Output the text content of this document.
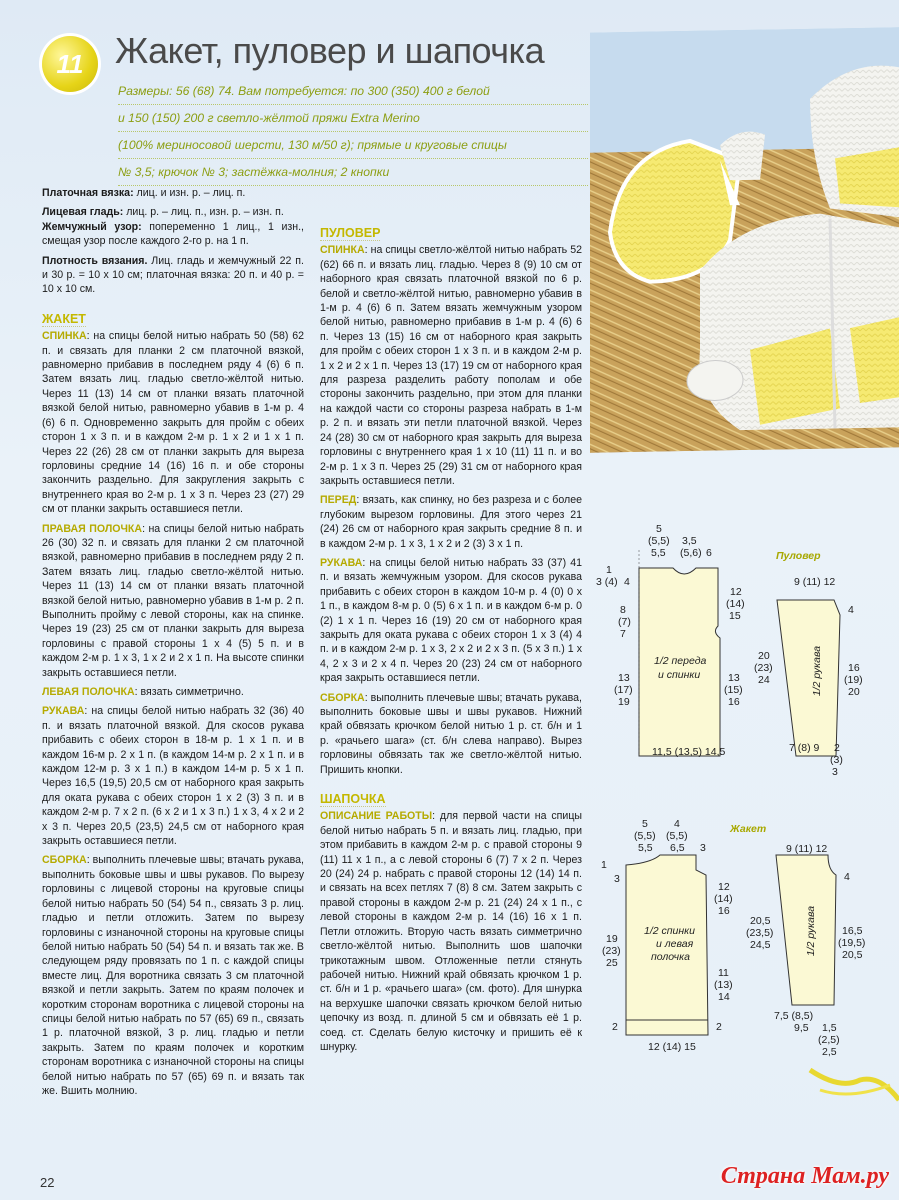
11 Жакет, пуловер и шапочка
Размеры: 56 (68) 74. Вам потребуется: по 300 (350) 400 г белой
и 150 (150) 200 г светло-жёлтой пряжи Extra Merino
(100% мериносовой шерсти, 130 м/50 г); прямые и круговые спицы
№ 3,5; крючок № 3; застёжка-молния; 2 кнопки

Платочная вязка: лиц. и изн. р. – лиц. п.

Лицевая гладь: лиц. р. – лиц. п., изн. р. – изн. п.

Жемчужный узор: попеременно 1 лиц., 1 изн., смещая узор после каждого 2-го р. на 1 п.

Плотность вязания. Лиц. гладь и жемчужный 22 п. и 30 р. = 10 x 10 см; платочная вязка: 20 п. и 40 р. = 10 x 10 см.

ЖАКЕТ

СПИНКА: на спицы белой нитью набрать 50 (58) 62 п. и связать для планки 2 см платочной вязкой, равномерно прибавив в последнем ряду 4 (6) 6 п. Затем вязать лиц. гладью светло-жёлтой нитью. Через 11 (13) 14 см от планки вязать платочной вязкой белой нитью, равномерно убавив в 1-м р. 4 (6) 6 п. Одновременно закрыть для пройм с обеих сторон 1 x 3 п. и в каждом 2-м р. 1 x 2 и 1 x 1 п. Через 22 (26) 28 см от планки закрыть для выреза горловины средние 14 (16) 16 п. и обе стороны закончить раздельно. Для закругления закрыть с внутреннего края во 2-м р. 1 x 3 п. Через 23 (27) 29 см от планки закрыть оставшиеся петли.

ПРАВАЯ ПОЛОЧКА: на спицы белой нитью набрать 26 (30) 32 п. и связать для планки 2 см платочной вязкой, равномерно прибавив в последнем ряду 2 п. Затем вязать лиц. гладью светло-жёлтой нитью. Через 11 (13) 14 см от планки вязать платочной вязкой белой нитью, равномерно убавив в 1-м р. 2 п. Выполнить пройму с левой стороны, как на спинке. Через 19 (23) 25 см от планки закрыть для выреза горловины с правой стороны 1 x 4 (5) 5 п. и в каждом 2-м р. 1 x 3, 1 x 2 и 2 x 1 п. На высоте спинки закрыть оставшиеся петли.

ЛЕВАЯ ПОЛОЧКА: вязать симметрично.

РУКАВА: на спицы белой нитью набрать 32 (36) 40 п. и вязать платочной вязкой. Для скосов рукава прибавить с обеих сторон в 18-м р. 1 x 1 п. и в каждом 16-м р. 2 x 1 п. (в каждом 14-м р. 2 x 1 п. и в каждом 12-м р. 3 x 1 п.) в каждом 14-м р. 5 x 1 п. Через 16,5 (19,5) 20,5 см от наборного края закрыть для оката рукава с обеих сторон 1 x 2 (3) 3 п. и в каждом 2-м р. 7 x 2 п. (6 x 2 и 1 x 3 п.) 1 x 3, 4 x 2 и 2 x 3 п. Через 20,5 (23,5) 24,5 см от наборного края закрыть оставшиеся петли.

СБОРКА: выполнить плечевые швы; втачать рукава, выполнить боковые швы и швы рукавов. По вырезу горловины с лицевой стороны на круговые спицы белой нитью набрать 50 (54) 54 п., связать 3 р. лиц. гладью и петли отложить. Затем по вырезу горловины с изнаночной стороны на круговые спицы белой нитью набрать 50 (54) 54 п. и вязать так же. В следующем ряду провязать по 1 п. с каждой спицы вместе лиц. Для воротника связать 3 см платочной вязкой и петли закрыть. Затем по краям полочек и коротким сторонам воротника с лицевой стороны на спицы белой нитью набрать по 57 (65) 69 п., связать 1 р. платочной вязкой, 3 р. лиц. гладью и петли закрыть. Затем по краям полочек и коротким сторонам воротника с изнаночной стороны на спицы белой нитью набрать по 57 (65) 69 п. и вязать так же. Вшить молнию.

ПУЛОВЕР

СПИНКА: на спицы светло-жёлтой нитью набрать 52 (62) 66 п. и вязать лиц. гладью. Через 8 (9) 10 см от наборного края связать платочной вязкой по 6 р. белой и светло-жёлтой нитью, равномерно убавив в 1-м р. 4 (6) 6 п. Затем вязать жемчужным узором белой нитью, равномерно прибавив в 1-м р. 4 (6) 6 п. Через 13 (15) 16 см от наборного края закрыть для пройм с обеих сторон 1 x 3 п. и в каждом 2-м р. 1 x 2 и 2 x 1 п. Через 13 (17) 19 см от наборного края для разреза разделить работу пополам и обе стороны закончить раздельно, при этом для планки на каждой части со стороны разреза набрать в 1-м р. 2 п. и вязать эти петли платочной вязкой. Через 24 (28) 30 см от наборного края закрыть для выреза горловины с внутреннего края 1 x 10 (11) 11 п. и во 2-м р. 1 x 3 п. Через 25 (29) 31 см от наборного края закрыть оставшиеся петли.

ПЕРЕД: вязать, как спинку, но без разреза и с более глубоким вырезом горловины. Для этого через 21 (24) 26 см от наборного края закрыть средние 8 п. и в каждом 2-м р. 1 x 3, 1 x 2 и 2 (3) 3 x 1 п.

РУКАВА: на спицы белой нитью набрать 33 (37) 41 п. и вязать жемчужным узором. Для скосов рукава прибавить с обеих сторон в каждом 10-м р. 4 (0) 0 x 1 п., в каждом 8-м р. 0 (5) 6 x 1 п. и в каждом 6-м р. 0 (2) 1 x 1 п. Через 16 (19) 20 см от наборного края закрыть для оката рукава с обеих сторон 1 x 3 (4) 4 п. и в каждом 2-м р. 1 x 3, 2 x 2 и 2 x 3 п. (5 x 3 п.) 1 x 4, 2 x 3 и 2 x 4 п. Через 20 (23) 24 см от наборного края закрыть оставшиеся петли.

СБОРКА: выполнить плечевые швы; втачать рукава, выполнить боковые швы и швы рукавов. Нижний край обвязать крючком белой нитью 1 р. ст. б/н и 1 р. «рачьего шага» (ст. б/н слева направо). Вырез горловины обвязать так же светло-жёлтой нитью. Пришить кнопки.

ШАПОЧКА

ОПИСАНИЕ РАБОТЫ: для первой части на спицы белой нитью набрать 5 п. и вязать лиц. гладью, при этом прибавить в каждом 2-м р. с правой стороны 9 (11) 11 x 1 п., а с левой стороны 6 (7) 7 x 2 п. Через 20 (24) 24 р. набрать с правой стороны 12 (14) 14 п. и связать на всех петлях 7 (8) 8 см. Затем закрыть с правой стороны в каждом 2-м р. 21 (24) 24 x 1 п., с левой стороны в каждом 2-м р. 14 (16) 16 x 1 п. Петли отложить. Вторую часть вязать симметрично светло-жёлтой нитью. Выполнить шов шапочки трикотажным швом. Отложенные петли стянуть рабочей нитью. Нижний край обвязать крючком 1 р. ст. б/н и 1 р. «рачьего шага» (см. фото). Для шнурка на верхушке шапочки связать крючком белой нитью цепочку из возд. п. длиной 5 см и обвязать её 1 р. соед. ст. Сделать белую кисточку и пришить её к шнурку.

Пуловер
1/2 переда
и спинки	1/2 рукава
5
(5,5)
5,5
3,5
(5,6) 6
1
3 (4) 4
12
(14)
15
8
(7)
7
13
(17)
19
13
(15)
16
11,5 (13,5) 14,5
9 (11) 12
4
20
(23)
24
16
(19)
20
7 (8) 9 2
(3)
3
Жакет
1/2 спинки
и левая
полочка
1/2 рукава
5
(5,5)
5,5
4
(5,5)
6,5 3
1
3
12
(14)
16
19
(23)
25
11
(13)
14
2	2
12 (14) 15
9 (11) 12
4
20,5
(23,5)
24,5
16,5
(19,5)
20,5
7,5 (8,5)
9,5 1,5
(2,5)
2,5
22	Страна Мам.ру
